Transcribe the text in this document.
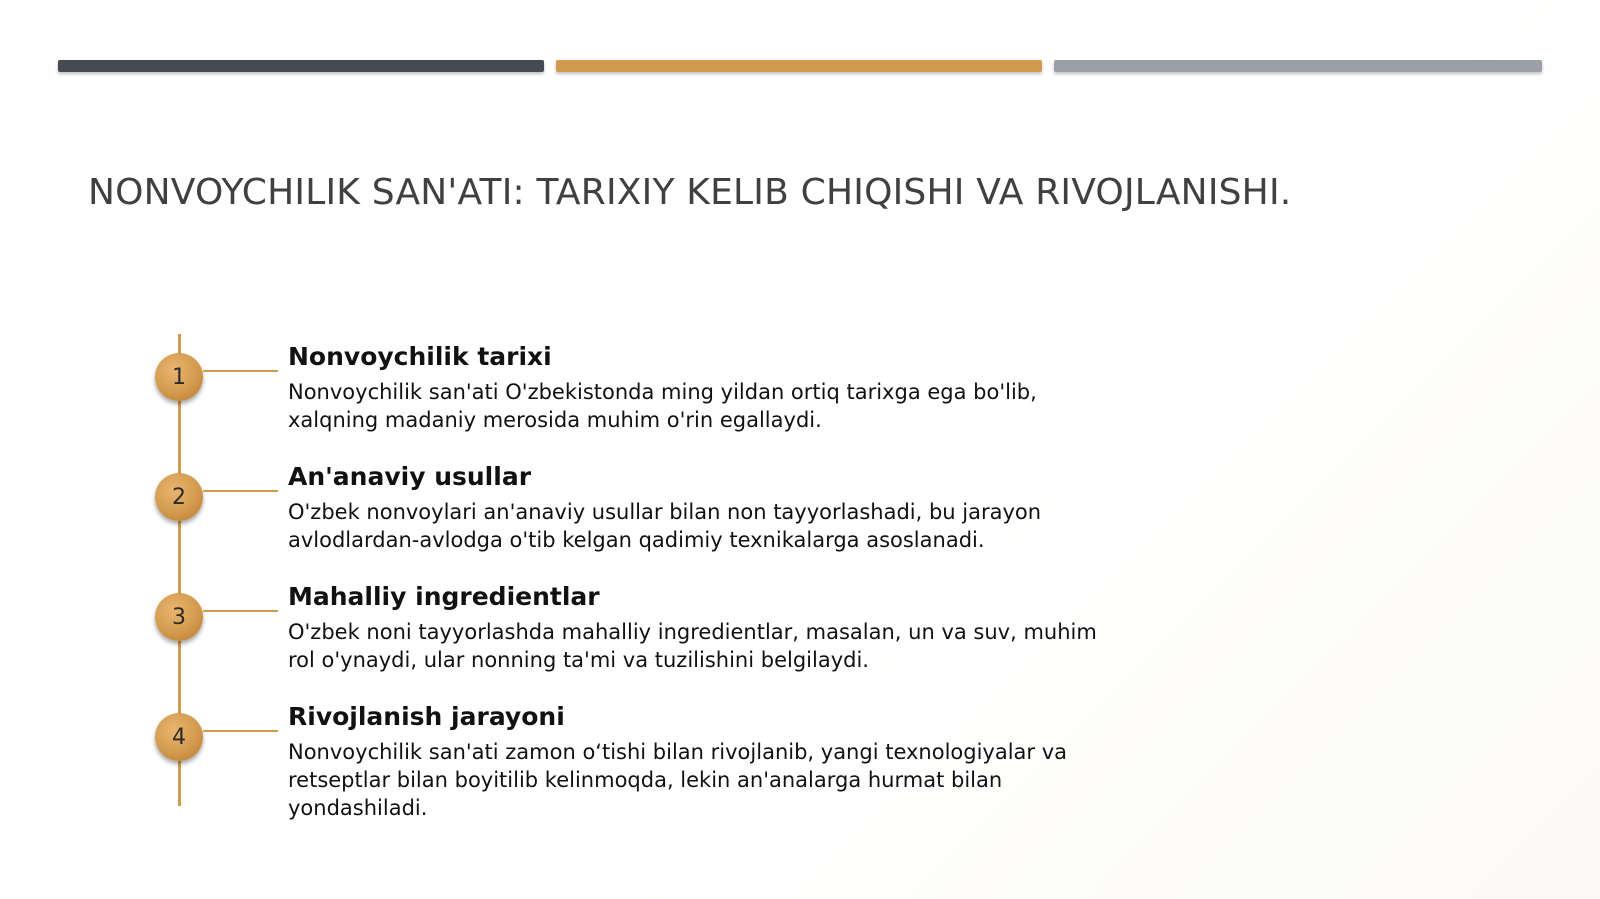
NONVOYCHILIK SAN'ATI: TARIXIY KELIB CHIQISHI VA RIVOJLANISHI.
1
Nonvoychilik tarixi

Nonvoychilik san'ati O'zbekistonda ming yildan ortiq tarixga ega bo'lib, xalqning madaniy merosida muhim o'rin egallaydi.

2
An'anaviy usullar

O'zbek nonvoylari an'anaviy usullar bilan non tayyorlashadi, bu jarayon avlodlardan-avlodga o'tib kelgan qadimiy texnikalarga asoslanadi.

3
Mahalliy ingredientlar

O'zbek noni tayyorlashda mahalliy ingredientlar, masalan, un va suv, muhim rol o'ynaydi, ular nonning ta'mi va tuzilishini belgilaydi.

4
Rivojlanish jarayoni

Nonvoychilik san'ati zamon o‘tishi bilan rivojlanib, yangi texnologiyalar va retseptlar bilan boyitilib kelinmoqda, lekin an'analarga hurmat bilan yondashiladi.
